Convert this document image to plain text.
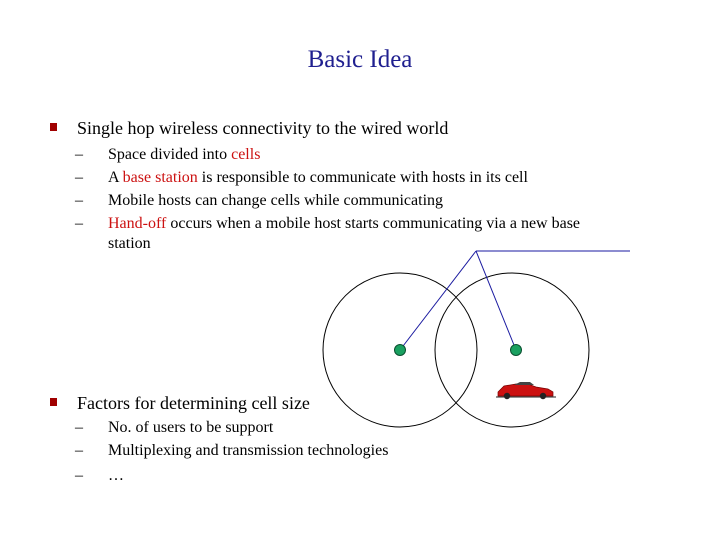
Basic Idea
Single hop wireless connectivity to the wired world
– Space divided into cells
– A base station is responsible to communicate with hosts in its cell
– Mobile hosts can change cells while communicating
– Hand-off occurs when a mobile host starts communicating via a new base
station
Factors for determining cell size
– No. of users to be support
– Multiplexing and transmission technologies
– …
